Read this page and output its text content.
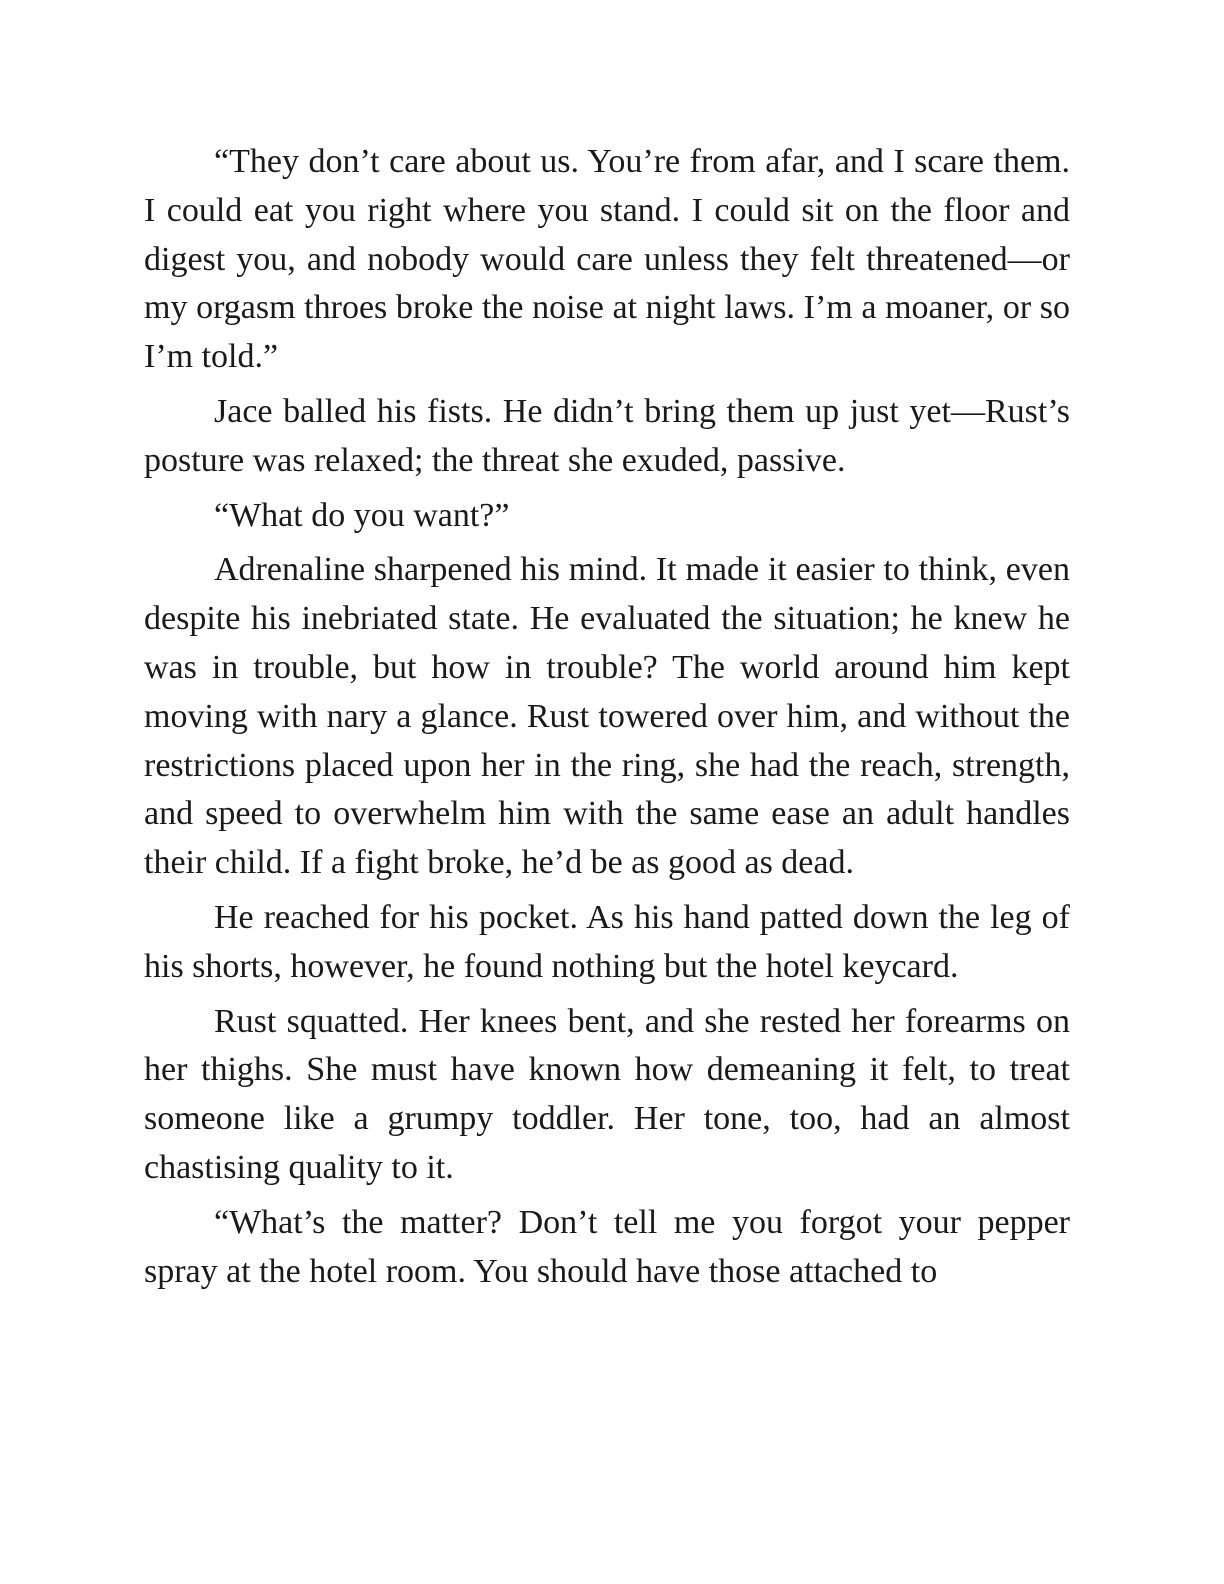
“They don’t care about us. You’re from afar, and I scare them. I could eat you right where you stand. I could sit on the floor and digest you, and nobody would care unless they felt threatened—or my orgasm throes broke the noise at night laws. I’m a moaner, or so I’m told.”

Jace balled his fists. He didn’t bring them up just yet—Rust’s posture was relaxed; the threat she exuded, passive.

“What do you want?”

Adrenaline sharpened his mind. It made it easier to think, even despite his inebriated state. He evaluated the situation; he knew he was in trouble, but how in trouble? The world around him kept moving with nary a glance. Rust towered over him, and without the restrictions placed upon her in the ring, she had the reach, strength, and speed to overwhelm him with the same ease an adult handles their child. If a fight broke, he’d be as good as dead.

He reached for his pocket. As his hand patted down the leg of his shorts, however, he found nothing but the hotel keycard.

Rust squatted. Her knees bent, and she rested her forearms on her thighs. She must have known how demeaning it felt, to treat someone like a grumpy toddler. Her tone, too, had an almost chastising quality to it.

“What’s the matter? Don’t tell me you forgot your pepper spray at the hotel room. You should have those attached to
